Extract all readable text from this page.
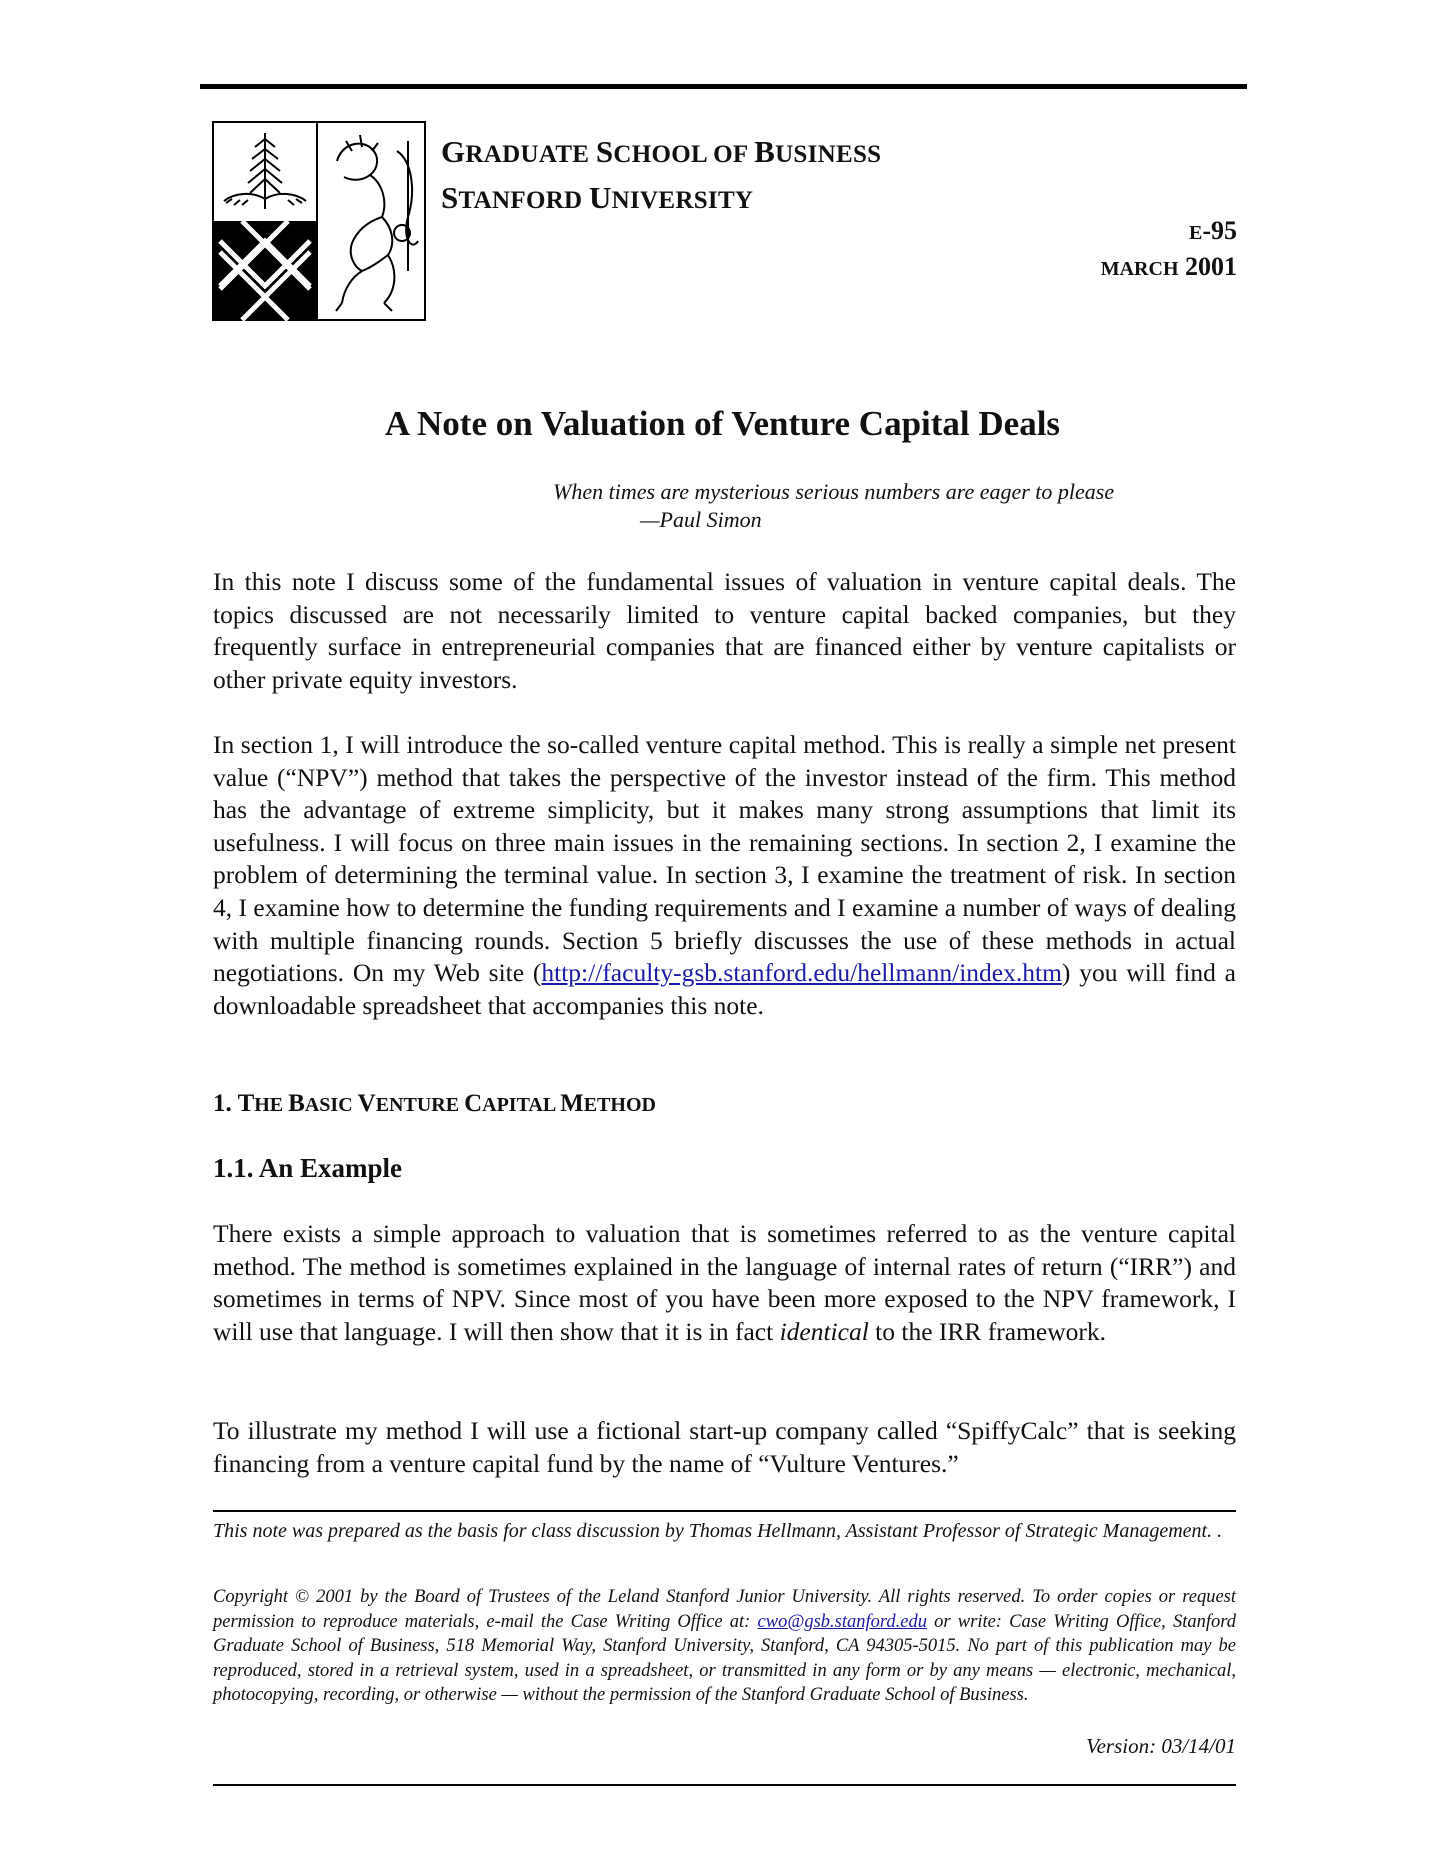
GRADUATE SCHOOL OF BUSINESS
STANFORD UNIVERSITY
E-95
MARCH 2001
A Note on Valuation of Venture Capital Deals
When times are mysterious serious numbers are eager to please
—Paul Simon
In this note I discuss some of the fundamental issues of valuation in venture capital deals. The topics discussed are not necessarily limited to venture capital backed companies, but they frequently surface in entrepreneurial companies that are financed either by venture capitalists or other private equity investors.
In section 1, I will introduce the so-called venture capital method. This is really a simple net present value (“NPV”) method that takes the perspective of the investor instead of the firm. This method has the advantage of extreme simplicity, but it makes many strong assumptions that limit its usefulness. I will focus on three main issues in the remaining sections. In section 2, I examine the problem of determining the terminal value. In section 3, I examine the treatment of risk. In section 4, I examine how to determine the funding requirements and I examine a number of ways of dealing with multiple financing rounds. Section 5 briefly discusses the use of these methods in actual negotiations. On my Web site (http://faculty-gsb.stanford.edu/hellmann/index.htm) you will find a downloadable spreadsheet that accompanies this note.
1. THE BASIC VENTURE CAPITAL METHOD
1.1. An Example
There exists a simple approach to valuation that is sometimes referred to as the venture capital method. The method is sometimes explained in the language of internal rates of return (“IRR”) and sometimes in terms of NPV. Since most of you have been more exposed to the NPV framework, I will use that language. I will then show that it is in fact identical to the IRR framework.
To illustrate my method I will use a fictional start-up company called “SpiffyCalc” that is seeking financing from a venture capital fund by the name of “Vulture Ventures.”
This note was prepared as the basis for class discussion by Thomas Hellmann, Assistant Professor of Strategic Management. .
Copyright © 2001 by the Board of Trustees of the Leland Stanford Junior University. All rights reserved. To order copies or request permission to reproduce materials, e-mail the Case Writing Office at: cwo@gsb.stanford.edu or write: Case Writing Office, Stanford Graduate School of Business, 518 Memorial Way, Stanford University, Stanford, CA 94305-5015. No part of this publication may be reproduced, stored in a retrieval system, used in a spreadsheet, or transmitted in any form or by any means — electronic, mechanical, photocopying, recording, or otherwise — without the permission of the Stanford Graduate School of Business.
Version: 03/14/01
